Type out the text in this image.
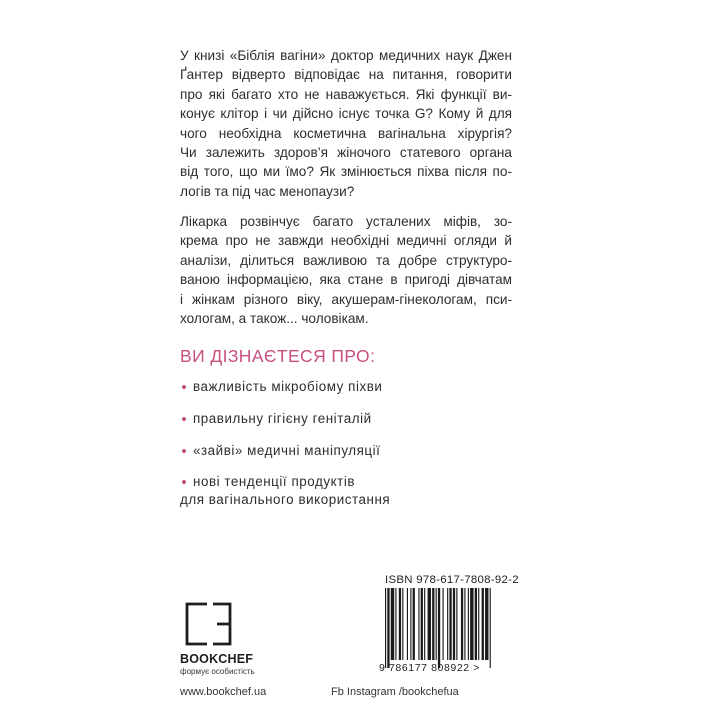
У книзі «Біблія вагіни» доктор медичних наук Джен
Ґантер відверто відповідає на питання, говорити
про які багато хто не наважується. Які функції ви-
конує клітор і чи дійсно існує точка G? Кому й для
чого необхідна косметична вагінальна хірургія?
Чи залежить здоров’я жіночого статевого органа
від того, що ми їмо? Як змінюється піхва після по-
логів та під час менопаузи?
Лікарка розвінчує багато усталених міфів, зо-
крема про не завжди необхідні медичні огляди й
аналізи, ділиться важливою та добре структуро-
ваною інформацією, яка стане в пригоді дівчатам
і жінкам різного віку, акушерам-гінекологам, пси-
хологам, а також... чоловікам.
ВИ ДІЗНАЄТЕСЯ ПРО:
важливість мікробіому піхви
правильну гігієну геніталій
«зайві» медичні маніпуляції
нові тенденції продуктів
для вагінального використання
BOOKCHEF
формує особистість
ISBN 978-617-7808-92-2
9 786177 808922 >
www.bookchef.ua	Fb Instagram /bookchefua
